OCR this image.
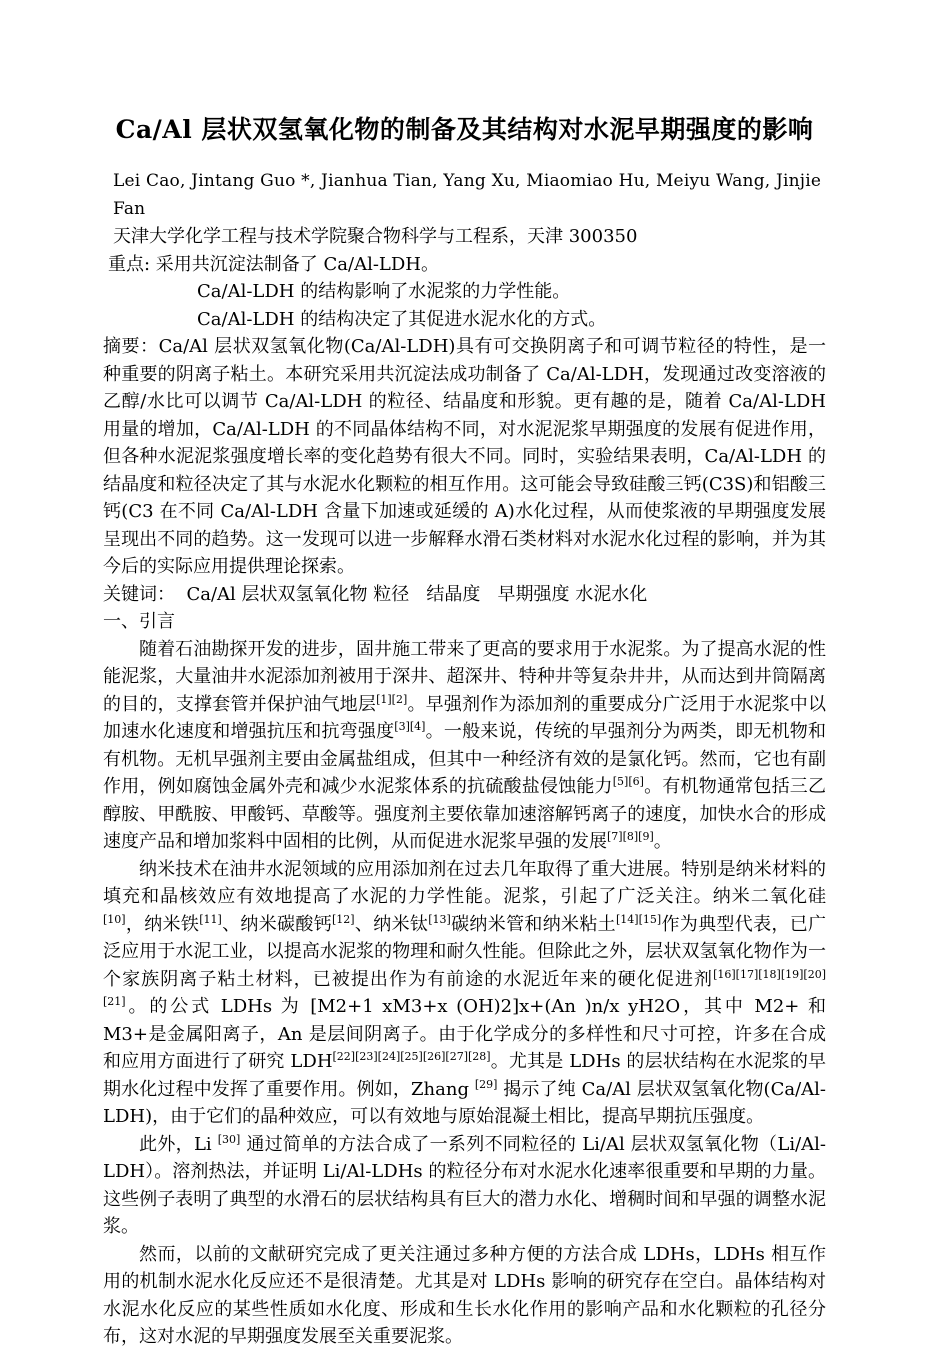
Ca/Al 层状双氢氧化物的制备及其结构对水泥早期强度的影响
Lei Cao, Jintang Guo *, Jianhua Tian, Yang Xu, Miaomiao Hu, Meiyu Wang, Jinjie Fan
天津大学化学工程与技术学院聚合物科学与工程系，天津 300350
重点: 采用共沉淀法制备了 Ca/Al-LDH。
Ca/Al-LDH 的结构影响了水泥浆的力学性能。
Ca/Al-LDH 的结构决定了其促进水泥水化的方式。

摘要：Ca/Al 层状双氢氧化物(Ca/Al-LDH)具有可交换阴离子和可调节粒径的特性，是一种重要的阴离子粘土。本研究采用共沉淀法成功制备了 Ca/Al-LDH，发现通过改变溶液的乙醇/水比可以调节 Ca/Al-LDH 的粒径、结晶度和形貌。更有趣的是，随着 Ca/Al-LDH 用量的增加，Ca/Al-LDH 的不同晶体结构不同，对水泥泥浆早期强度的发展有促进作用，但各种水泥泥浆强度增长率的变化趋势有很大不同。同时，实验结果表明，Ca/Al-LDH 的结晶度和粒径决定了其与水泥水化颗粒的相互作用。这可能会导致硅酸三钙(C3S)和铝酸三钙(C3 在不同 Ca/Al-LDH 含量下加速或延缓的 A)水化过程，从而使浆液的早期强度发展呈现出不同的趋势。这一发现可以进一步解释水滑石类材料对水泥水化过程的影响，并为其今后的实际应用提供理论探索。

关键词：  Ca/Al 层状双氢氧化物 粒径   结晶度   早期强度 水泥水化

一、引言

随着石油勘探开发的进步，固井施工带来了更高的要求用于水泥浆。为了提高水泥的性能泥浆，大量油井水泥添加剂被用于深井、超深井、特种井等复杂井井，从而达到井筒隔离的目的，支撑套管并保护油气地层[1][2]。早强剂作为添加剂的重要成分广泛用于水泥浆中以加速水化速度和增强抗压和抗弯强度[3][4]。一般来说，传统的早强剂分为两类，即无机物和有机物。无机早强剂主要由金属盐组成，但其中一种经济有效的是氯化钙。然而，它也有副作用，例如腐蚀金属外壳和减少水泥浆体系的抗硫酸盐侵蚀能力[5][6]。有机物通常包括三乙醇胺、甲酰胺、甲酸钙、草酸等。强度剂主要依靠加速溶解钙离子的速度，加快水合的形成速度产品和增加浆料中固相的比例，从而促进水泥浆早强的发展[7][8][9]。

纳米技术在油井水泥领域的应用添加剂在过去几年取得了重大进展。特别是纳米材料的填充和晶核效应有效地提高了水泥的力学性能。泥浆，引起了广泛关注。纳米二氧化硅[10]，纳米铁[11]、纳米碳酸钙[12]、纳米钛[13]碳纳米管和纳米粘土[14][15]作为典型代表，已广泛应用于水泥工业，以提高水泥浆的物理和耐久性能。但除此之外，层状双氢氧化物作为一个家族阴离子粘土材料，已被提出作为有前途的水泥近年来的硬化促进剂[16][17][18][19][20][21]。的公式 LDHs 为 [M2+1 xM3+x (OH)2]x+(An )n/x yH2O，其中 M2+ 和 M3+是金属阳离子，An 是层间阴离子。由于化学成分的多样性和尺寸可控，许多在合成和应用方面进行了研究 LDH[22][23][24][25][26][27][28]。尤其是 LDHs 的层状结构在水泥浆的早期水化过程中发挥了重要作用。例如，Zhang [29] 揭示了纯 Ca/Al 层状双氢氧化物(Ca/Al-LDH)，由于它们的晶种效应，可以有效地与原始混凝土相比，提高早期抗压强度。

此外，Li [30] 通过简单的方法合成了一系列不同粒径的 Li/Al 层状双氢氧化物（Li/Al-LDH）。溶剂热法，并证明 Li/Al-LDHs 的粒径分布对水泥水化速率很重要和早期的力量。这些例子表明了典型的水滑石的层状结构具有巨大的潜力水化、增稠时间和早强的调整水泥浆。

然而，以前的文献研究完成了更关注通过多种方便的方法合成 LDHs，LDHs 相互作用的机制水泥水化反应还不是很清楚。尤其是对 LDHs 影响的研究存在空白。晶体结构对水泥水化反应的某些性质如水化度、形成和生长水化作用的影响产品和水化颗粒的孔径分布，这对水泥的早期强度发展至关重要泥浆。
